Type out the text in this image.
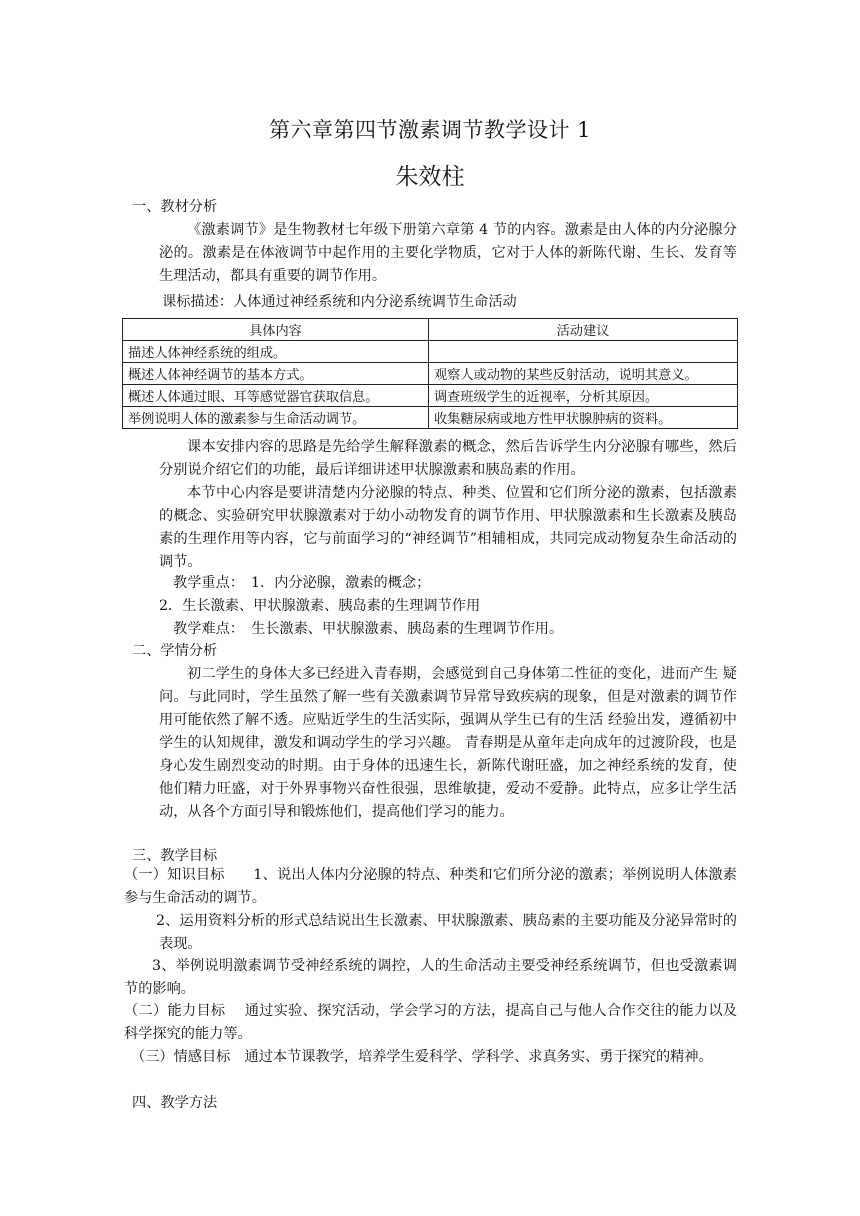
第六章第四节激素调节教学设计 1
朱效柱
一、教材分析
《激素调节》是生物教材七年级下册第六章第 4 节的内容。激素是由人体的内分泌腺分泌的。激素是在体液调节中起作用的主要化学物质，它对于人体的新陈代谢、生长、发育等生理活动，都具有重要的调节作用。
课标描述：人体通过神经系统和内分泌系统调节生命活动
具体内容	活动建议
描述人体神经系统的组成。	
概述人体神经调节的基本方式。	观察人或动物的某些反射活动，说明其意义。
概述人体通过眼、耳等感觉器官获取信息。	调查班级学生的近视率，分析其原因。
举例说明人体的激素参与生命活动调节。	收集糖尿病或地方性甲状腺肿病的资料。
课本安排内容的思路是先给学生解释激素的概念，然后告诉学生内分泌腺有哪些，然后分别说介绍它们的功能，最后详细讲述甲状腺激素和胰岛素的作用。
本节中心内容是要讲清楚内分泌腺的特点、种类、位置和它们所分泌的激素，包括激素的概念、实验研究甲状腺激素对于幼小动物发育的调节作用、甲状腺激素和生长激素及胰岛素的生理作用等内容，它与前面学习的“神经调节”相辅相成，共同完成动物复杂生命活动的调节。
教学重点：　1．内分泌腺，激素的概念；
2．生长激素、甲状腺激素、胰岛素的生理调节作用
教学难点：　生长激素、甲状腺激素、胰岛素的生理调节作用。
二、学情分析
初二学生的身体大多已经进入青春期，会感觉到自己身体第二性征的变化，进而产生 疑问。与此同时，学生虽然了解一些有关激素调节异常导致疾病的现象，但是对激素的调节作用可能依然了解不透。应贴近学生的生活实际，强调从学生已有的生活 经验出发，遵循初中学生的认知规律，激发和调动学生的学习兴趣。 青春期是从童年走向成年的过渡阶段，也是身心发生剧烈变动的时期。由于身体的迅速生长，新陈代谢旺盛，加之神经系统的发育，使他们精力旺盛，对于外界事物兴奋性很强，思维敏捷，爱动不爱静。此特点，应多让学生活动，从各个方面引导和锻炼他们，提高他们学习的能力。
三、教学目标
（一）知识目标　　1、说出人体内分泌腺的特点、种类和它们所分泌的激素；举例说明人体激素参与生命活动的调节。
2、运用资料分析的形式总结说出生长激素、甲状腺激素、胰岛素的主要功能及分泌异常时的表现。
3、举例说明激素调节受神经系统的调控，人的生命活动主要受神经系统调节，但也受激素调节的影响。
（二）能力目标　 通过实验、探究活动，学会学习的方法，提高自己与他人合作交往的能力以及科学探究的能力等。
（三）情感目标　通过本节课教学，培养学生爱科学、学科学、求真务实、勇于探究的精神。
四、教学方法
